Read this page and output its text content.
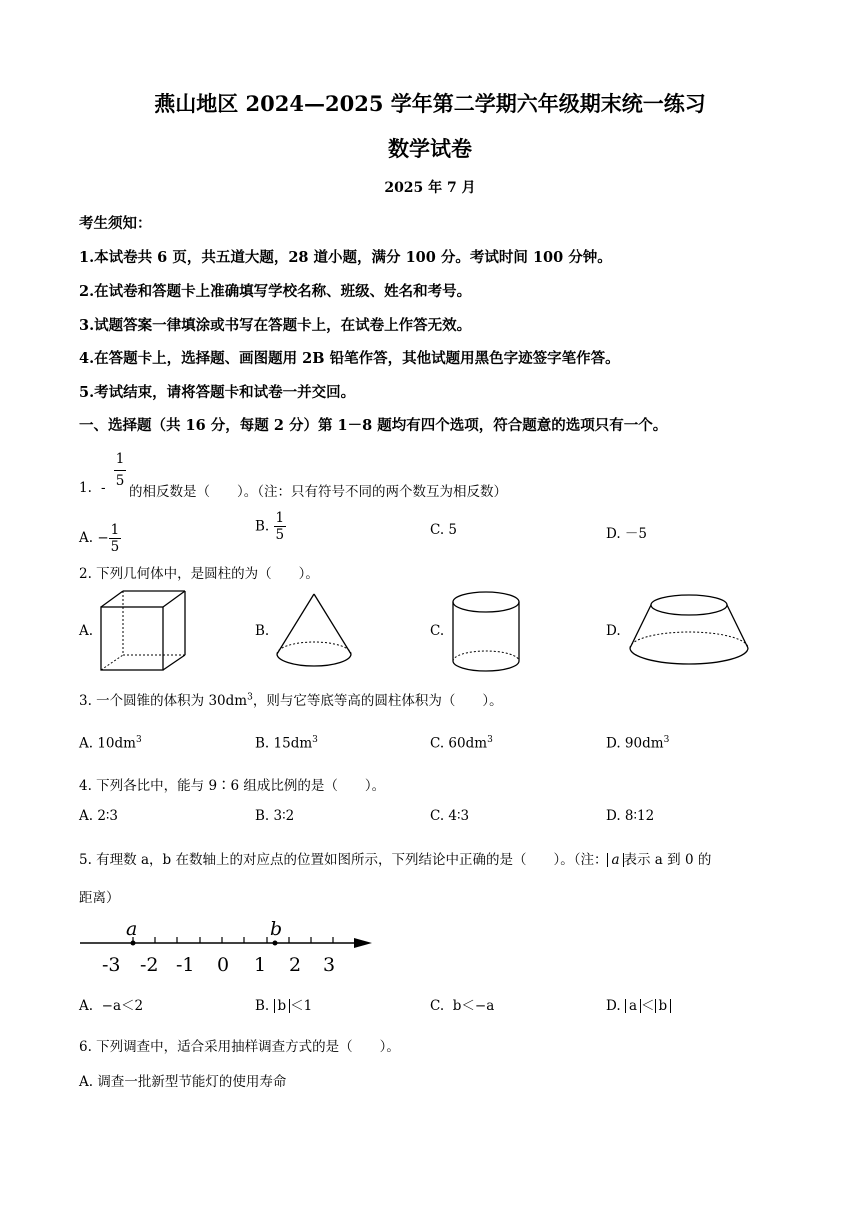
燕山地区 2024—2025 学年第二学期六年级期末统一练习
数学试卷
2025 年 7 月
考生须知：
1.本试卷共 6 页，共五道大题，28 道小题，满分 100 分。考试时间 100 分钟。
2.在试卷和答题卡上准确填写学校名称、班级、姓名和考号。
3.试题答案一律填涂或书写在答题卡上，在试卷上作答无效。
4.在答题卡上，选择题、画图题用 2B 铅笔作答，其他试题用黑色字迹签字笔作答。
5.考试结束，请将答题卡和试卷一并交回。
一、选择题（共 16 分，每题 2 分）第 1－8 题均有四个选项，符合题意的选项只有一个。
1. -
1
5
的相反数是（　　）。（注：只有符号不同的两个数互为相反数）
A. − $\frac{1}{5}$	B. $\frac{1}{5}$	C. 5	D. －5
2. 下列几何体中，是圆柱的为（　　）。
A.	B.	C.	D.
3. 一个圆锥的体积为 $30dm^3$，则与它等底等高的圆柱体积为（　　）。
A. $10dm^3$	B. $15dm^3$	C. $60dm^3$	D. $90dm^3$
4. 下列各比中，能与 9∶6 组成比例的是（　　）。
A. 2∶3	B. 3∶2	C. 4∶3	D. 8∶12
5. 有理数 a，b 在数轴上的对应点的位置如图所示，下列结论中正确的是（　　）。（注： a 表示 a 到 0 的
距离）
a	b
-3 -2 -1 0 1 2 3
A. −a＜2	B. b ＜1	C. b＜−a	D. a ＜ b
6. 下列调查中，适合采用抽样调查方式的是（　　）。
A. 调查一批新型节能灯的使用寿命
